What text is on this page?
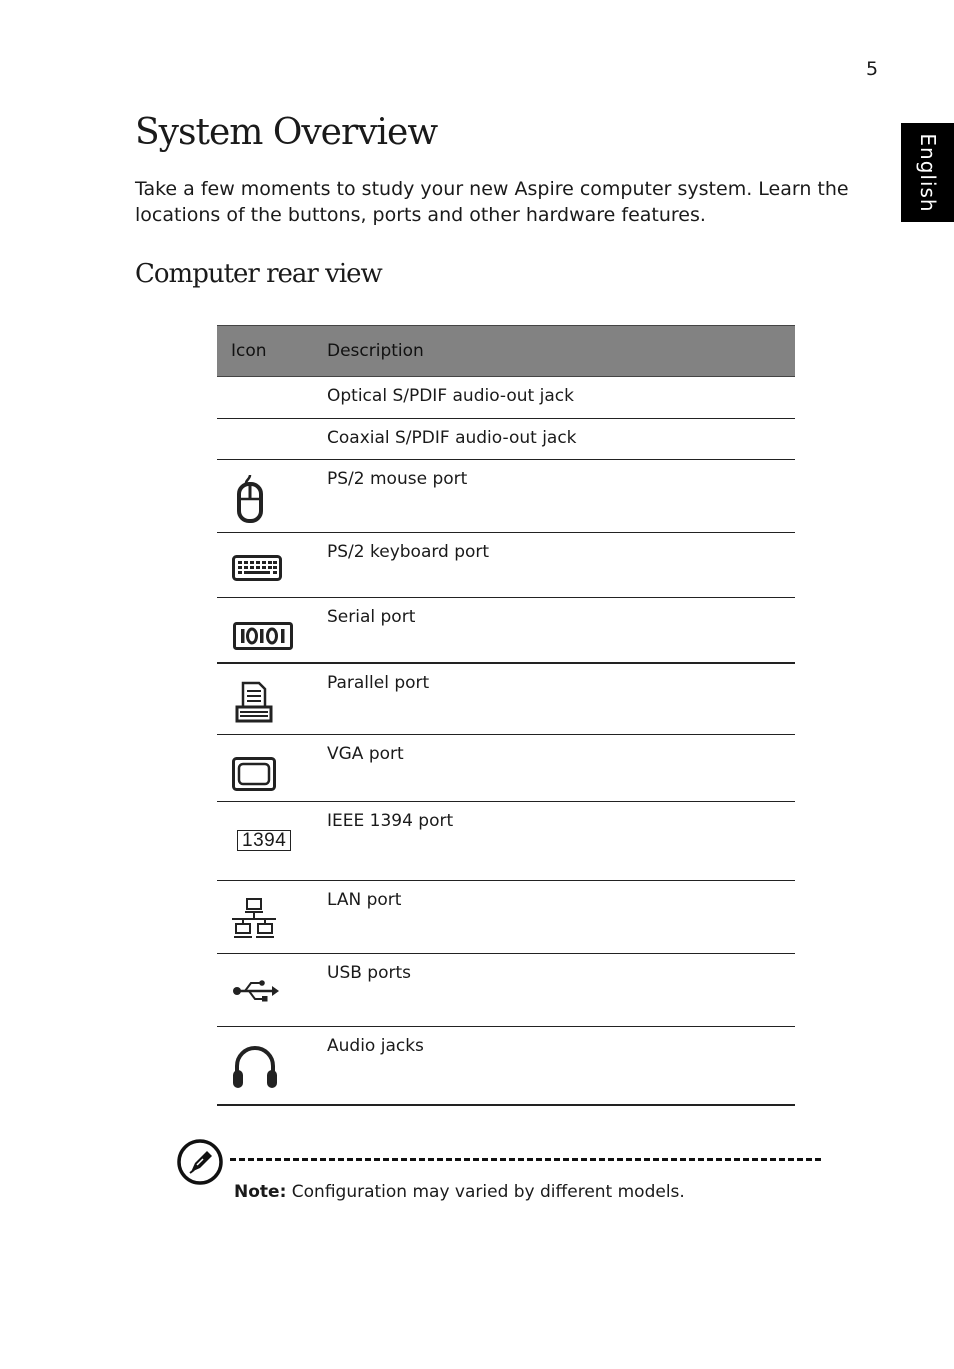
5
English
System Overview

Take a few moments to study your new Aspire computer system. Learn the locations of the buttons, ports and other hardware features.

Computer rear view
Icon	Description
	Optical S/PDIF audio-out jack
	Coaxial S/PDIF audio-out jack

	PS/2 mouse port

	PS/2 keyboard port

	Serial port

	Parallel port

	VGA port

1394	IEEE 1394 port

	LAN port

	USB ports

	Audio jacks
Note: Configuration may varied by different models.
